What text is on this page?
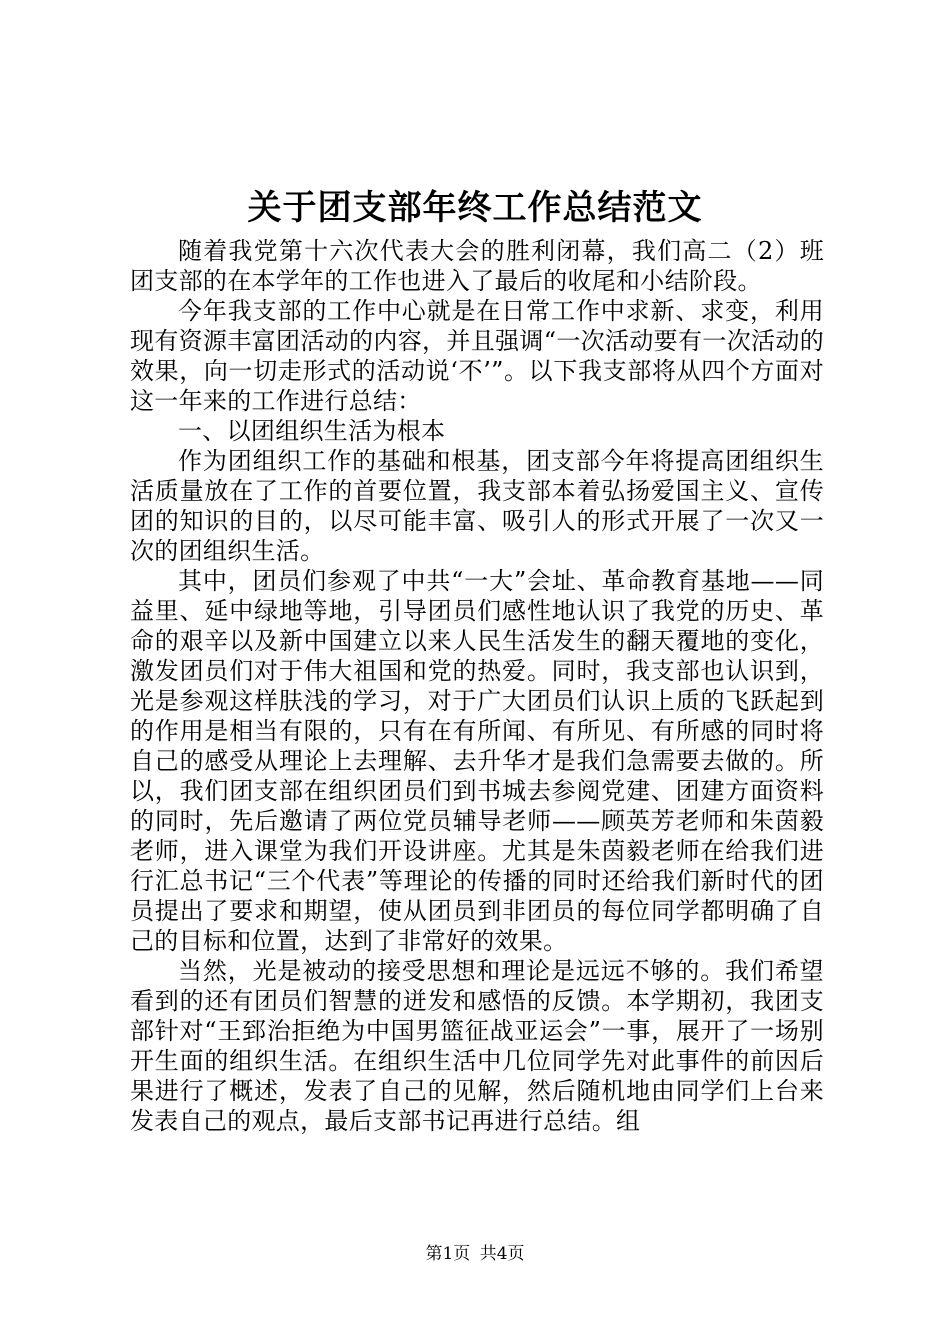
关于团支部年终工作总结范文

随着我党第十六次代表大会的胜利闭幕，我们高二（2）班团支部的在本学年的工作也进入了最后的收尾和小结阶段。

今年我支部的工作中心就是在日常工作中求新、求变，利用现有资源丰富团活动的内容，并且强调“一次活动要有一次活动的效果，向一切走形式的活动说‘不’”。以下我支部将从四个方面对这一年来的工作进行总结：

一、以团组织生活为根本

作为团组织工作的基础和根基，团支部今年将提高团组织生活质量放在了工作的首要位置，我支部本着弘扬爱国主义、宣传团的知识的目的，以尽可能丰富、吸引人的形式开展了一次又一次的团组织生活。

其中，团员们参观了中共“一大”会址、革命教育基地——同益里、延中绿地等地，引导团员们感性地认识了我党的历史、革命的艰辛以及新中国建立以来人民生活发生的翻天覆地的变化，激发团员们对于伟大祖国和党的热爱。同时，我支部也认识到，光是参观这样肤浅的学习，对于广大团员们认识上质的飞跃起到的作用是相当有限的，只有在有所闻、有所见、有所感的同时将自己的感受从理论上去理解、去升华才是我们急需要去做的。所以，我们团支部在组织团员们到书城去参阅党建、团建方面资料的同时，先后邀请了两位党员辅导老师——顾英芳老师和朱茵毅老师，进入课堂为我们开设讲座。尤其是朱茵毅老师在给我们进行汇总书记“三个代表”等理论的传播的同时还给我们新时代的团员提出了要求和期望，使从团员到非团员的每位同学都明确了自己的目标和位置，达到了非常好的效果。

当然，光是被动的接受思想和理论是远远不够的。我们希望看到的还有团员们智慧的迸发和感悟的反馈。本学期初，我团支部针对“王郅治拒绝为中国男篮征战亚运会”一事，展开了一场别开生面的组织生活。在组织生活中几位同学先对此事件的前因后果进行了概述，发表了自己的见解，然后随机地由同学们上台来发表自己的观点，最后支部书记再进行总结。组

第1页 共4页
